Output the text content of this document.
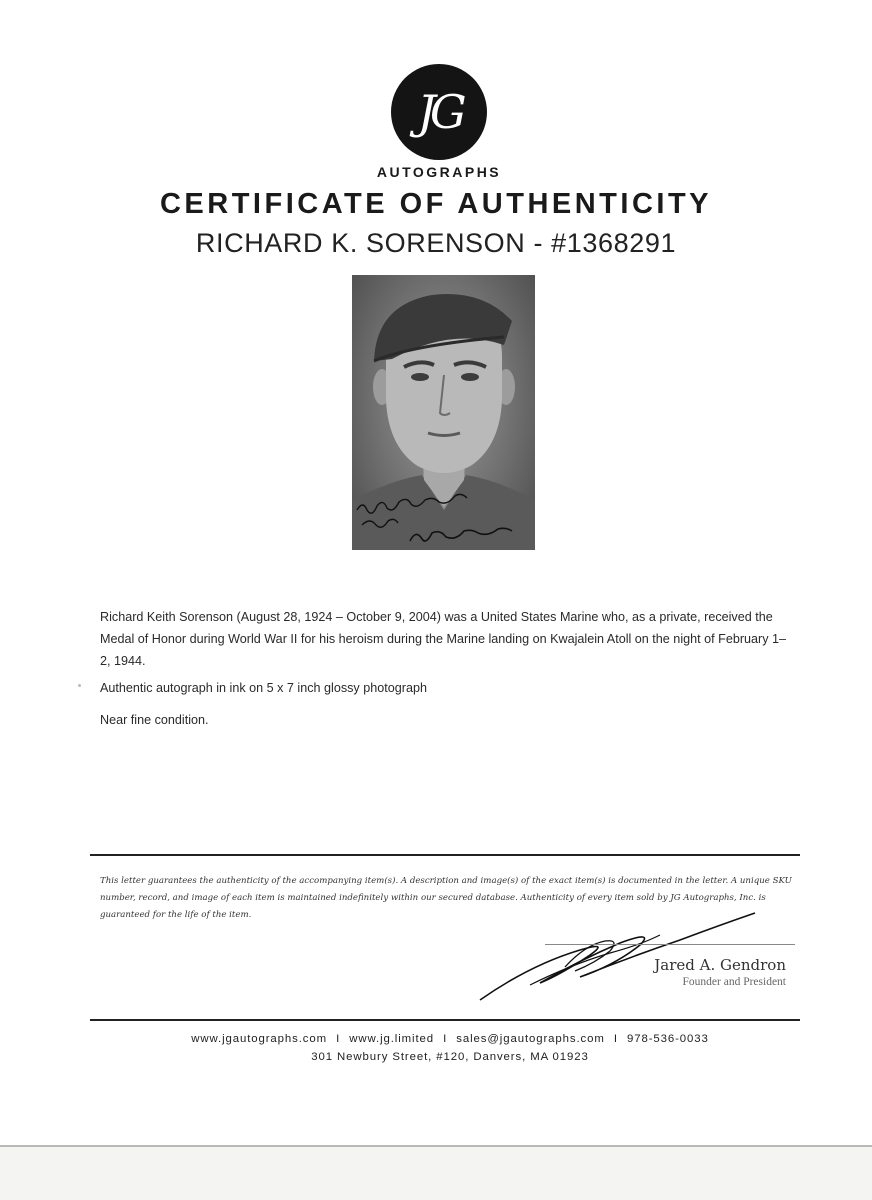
JG
AUTOGRAPHS
CERTIFICATE OF AUTHENTICITY
RICHARD K. SORENSON - #1368291
Richard Keith Sorenson (August 28, 1924 – October 9, 2004) was a United States Marine who, as a private, received the Medal of Honor during World War II for his heroism during the Marine landing on Kwajalein Atoll on the night of February 1–2, 1944.
Authentic autograph in ink on 5 x 7 inch glossy photograph
Near fine condition.
This letter guarantees the authenticity of the accompanying item(s). A description and image(s) of the exact item(s) is documented in the letter. A unique SKU number, record, and image of each item is maintained indefinitely within our secured database. Authenticity of every item sold by JG Autographs, Inc. is guaranteed for the life of the item.
Jared A. Gendron
Founder and President
www.jgautographs.com I www.jg.limited I sales@jgautographs.com I 978-536-0033
301 Newbury Street, #120, Danvers, MA 01923
